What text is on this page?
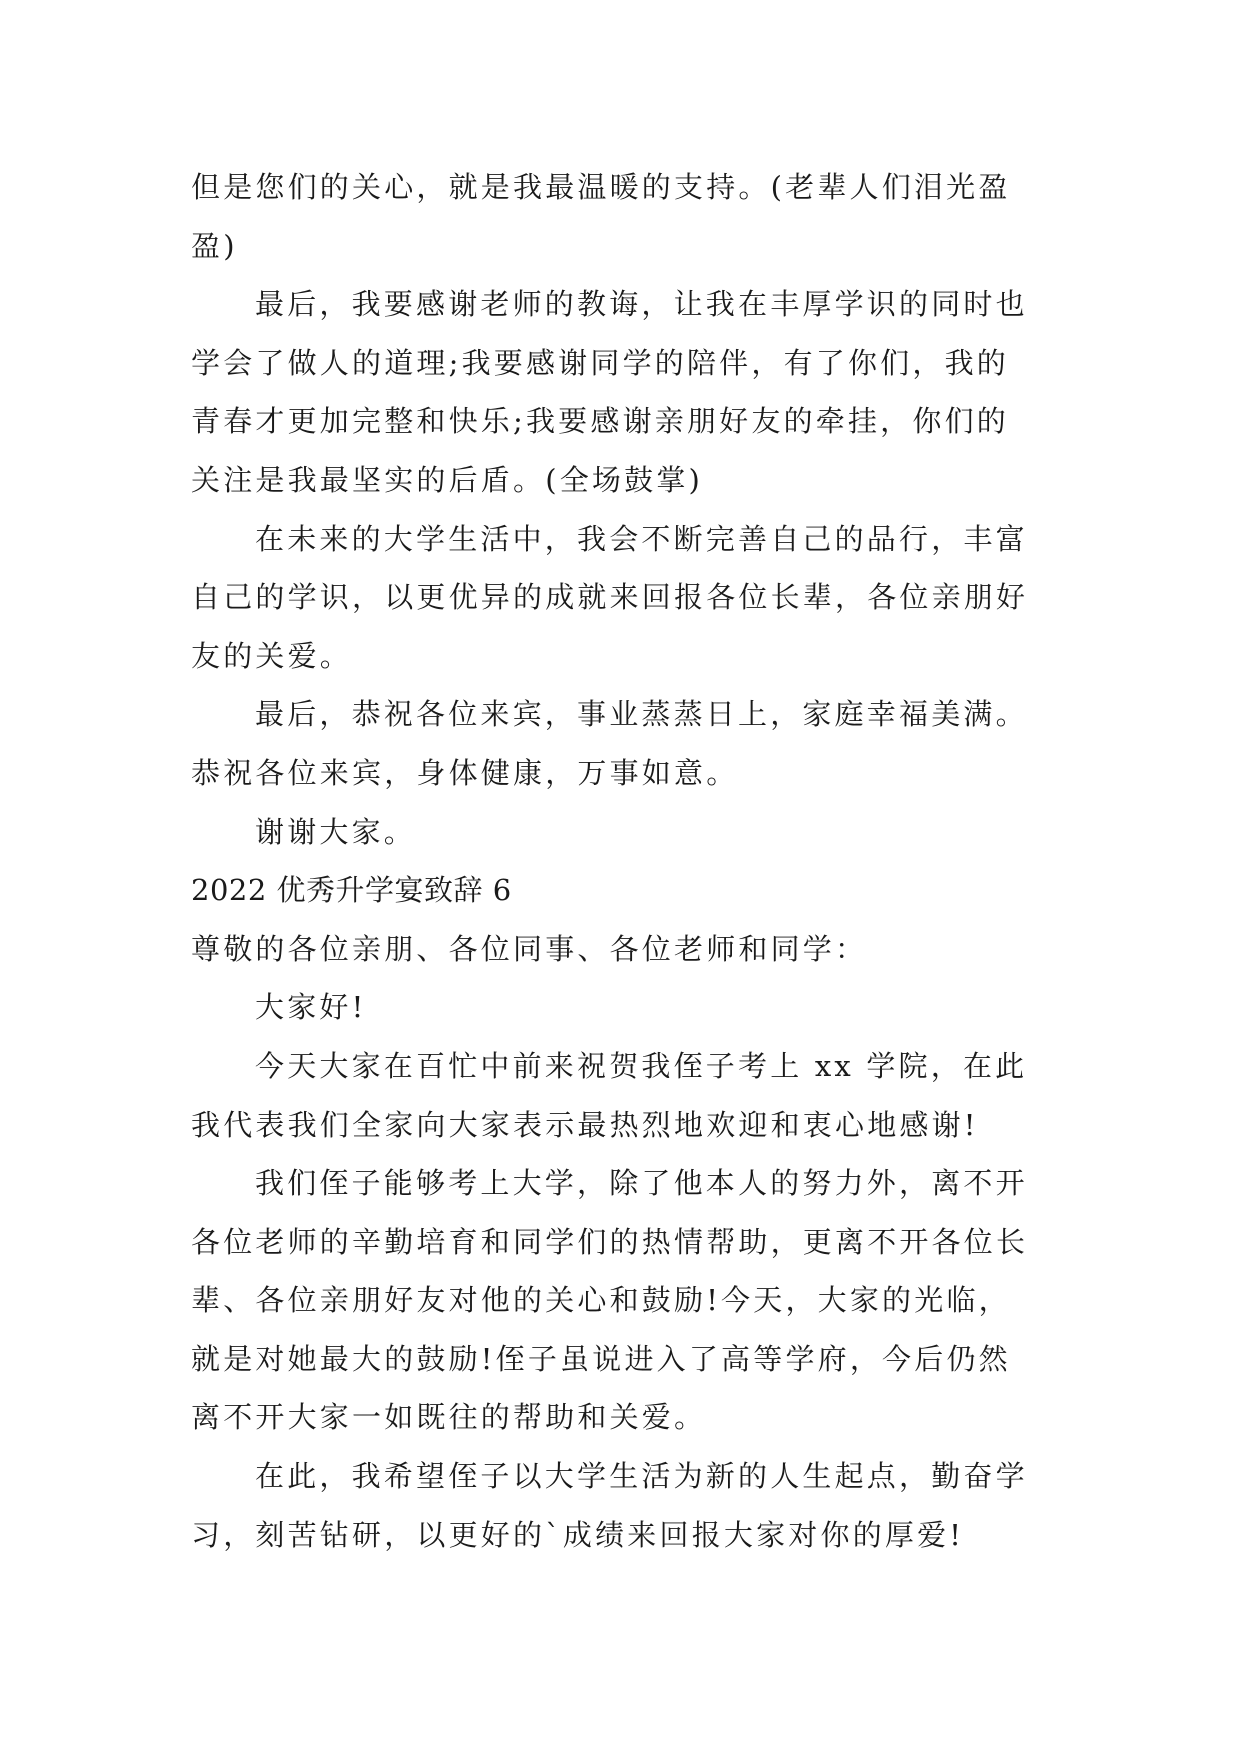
但是您们的关心，就是我最温暖的支持。(老辈人们泪光盈
盈)
最后，我要感谢老师的教诲，让我在丰厚学识的同时也
学会了做人的道理;我要感谢同学的陪伴，有了你们，我的
青春才更加完整和快乐;我要感谢亲朋好友的牵挂，你们的
关注是我最坚实的后盾。(全场鼓掌)
在未来的大学生活中，我会不断完善自己的品行，丰富
自己的学识，以更优异的成就来回报各位长辈，各位亲朋好
友的关爱。
最后，恭祝各位来宾，事业蒸蒸日上，家庭幸福美满。
恭祝各位来宾，身体健康，万事如意。
谢谢大家。
2022 优秀升学宴致辞 6
尊敬的各位亲朋、各位同事、各位老师和同学：
大家好!
今天大家在百忙中前来祝贺我侄子考上 xx 学院，在此
我代表我们全家向大家表示最热烈地欢迎和衷心地感谢!
我们侄子能够考上大学，除了他本人的努力外，离不开
各位老师的辛勤培育和同学们的热情帮助，更离不开各位长
辈、各位亲朋好友对他的关心和鼓励!今天，大家的光临，
就是对她最大的鼓励!侄子虽说进入了高等学府，今后仍然
离不开大家一如既往的帮助和关爱。
在此，我希望侄子以大学生活为新的人生起点，勤奋学
习，刻苦钻研，以更好的`成绩来回报大家对你的厚爱!
